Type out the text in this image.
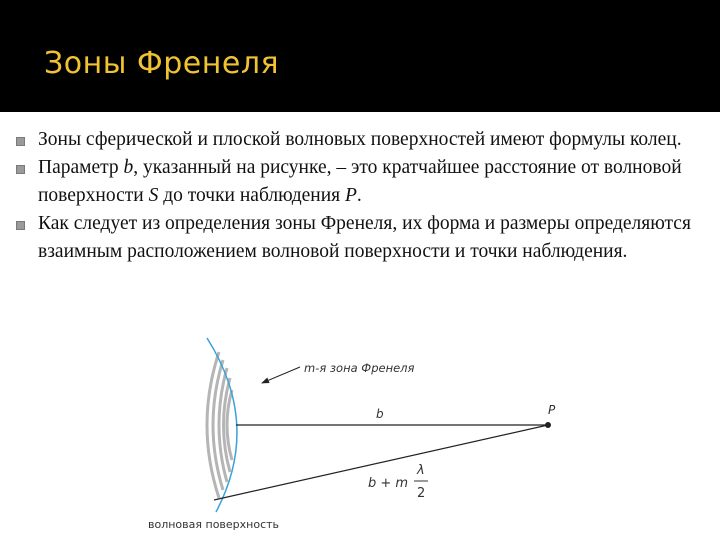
Зоны Френеля
Зоны сферической и плоской волновых поверхностей имеют формулы колец.
Параметр b, указанный на рисунке, – это кратчайшее расстояние от волновой поверхности S до точки наблюдения P.
Как следует из определения зоны Френеля, их форма и размеры определяются взаимным расположением волновой поверхности и точки наблюдения.
m-я зона Френеля
b	P
b + m
λ
2
волновая поверхность
